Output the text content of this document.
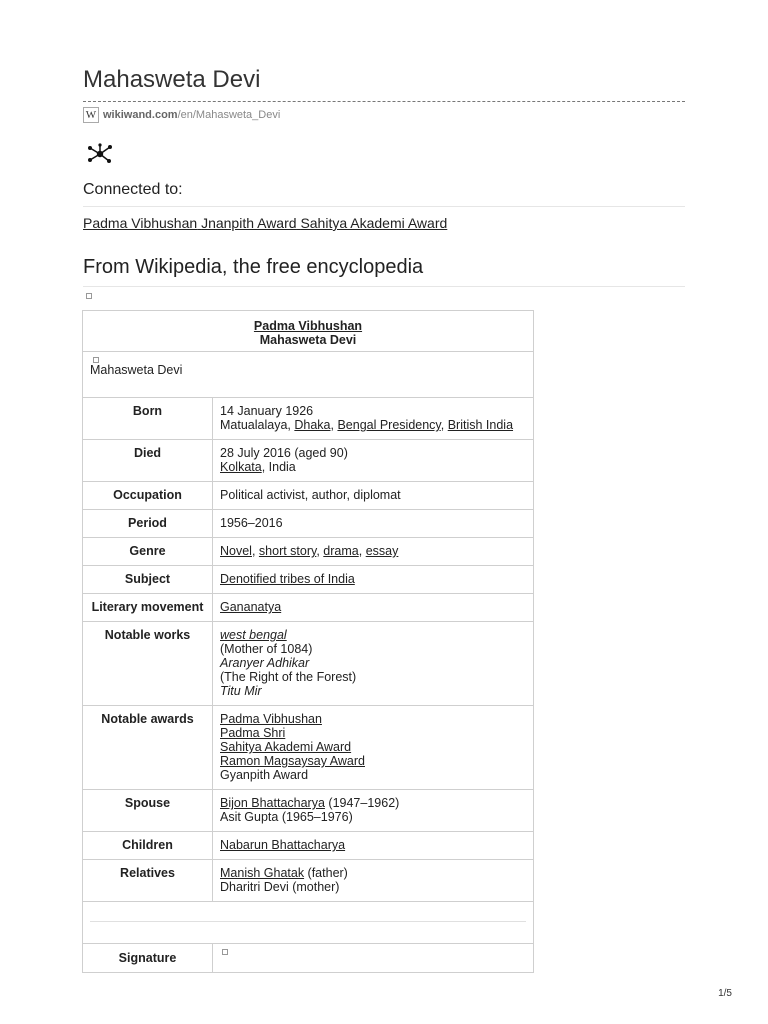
Mahasweta Devi
W wikiwand.com /en/Mahasweta_Devi
Connected to:
Padma Vibhushan Jnanpith Award Sahitya Akademi Award
From Wikipedia, the free encyclopedia
Padma Vibhushan
Mahasweta Devi
Mahasweta Devi
Born	14 January 1926
Matualalaya, Dhaka, Bengal Presidency, British India
Died	28 July 2016 (aged 90)
Kolkata, India
Occupation	Political activist, author, diplomat
Period	1956–2016
Genre	Novel, short story, drama, essay
Subject	Denotified tribes of India
Literary movement	Gananatya
Notable works	west bengal
(Mother of 1084)
Aranyer Adhikar
(The Right of the Forest)
Titu Mir
Notable awards	Padma Vibhushan
Padma Shri
Sahitya Akademi Award
Ramon Magsaysay Award
Gyanpith Award
Spouse	Bijon Bhattacharya (1947–1962)
Asit Gupta (1965–1976)
Children	Nabarun Bhattacharya
Relatives	Manish Ghatak (father)
Dharitri Devi (mother)
Signature
1/5
